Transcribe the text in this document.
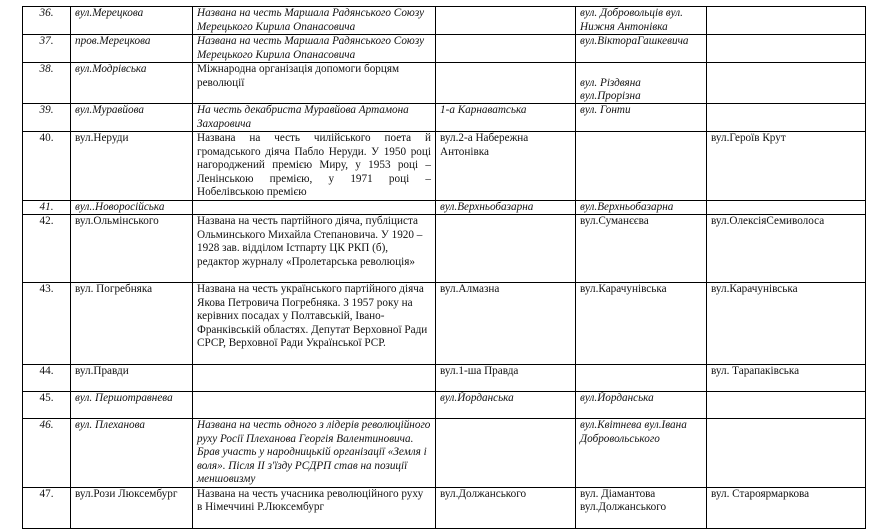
36.	вул.Мерецкова	Названа на честь Маршала Радянського Союзу Мерецького Кирила Опанасовича		вул. Добровольців вул. Нижня Антонівка	
37.	пров.Мерецкова	Названа на честь Маршала Радянського Союзу Мерецького Кирила Опанасовича		вул.ВіктораГашкевича	
38.	вул.Модрівська	Міжнародна організація допомоги борцям революції		вул. Різдвяна вул.Прорізна	
39.	вул.Муравйова	На честь декабриста Муравйова Артамона Захаровича	1-а Карнаватська	вул. Гонти	
40.	вул.Неруди	Названа на честь чилійського поета й громадського діяча Пабло Неруди. У 1950 році нагороджений премією Миру, у 1953 році – Ленінською премією, у 1971 році – Нобелівською премією	вул.2-а Набережна Антонівка		вул.Героїв Крут
41.	вул..Новоросійська		вул.Верхньобазарна	вул.Верхньобазарна	
42.	вул.Ольмінського	Названа на честь партійного діяча, публіциста Ольминського Михайла Степановича. У 1920 – 1928 зав. відділом Істпарту ЦК РКП (б), редактор журналу «Пролетарська революція»		вул.Суманєєва	вул.ОлексіяСемиволоса
43.	вул. Погребняка	Названа на честь українського партійного діяча Якова Петровича Погребняка. З 1957 року на керівних посадах у Полтавській, Івано-Франківській областях. Депутат Верховної Ради СРСР, Верховної Ради Української РСР.	вул.Алмазна	вул.Карачунівська	вул.Карачунівська
44.	вул.Правди		вул.1-ша Правда		вул. Тарапаківська
45.	вул. Першотравнева		вул.Йорданська	вул.Йорданська	
46.	вул. Плеханова	Названа на честь одного з лідерів революційного руху Росії Плеханова Георгія Валентиновича. Брав участь у народницькій організації «Земля і воля». Після ІІ з'їзду РСДРП став на позиції меншовизму		вул.Квітнева вул.Івана Добровольського	
47.	вул.Рози Люксембург	Названа на честь учасника революційного руху в Німеччині Р.Люксембург	вул.Должанського	вул. Діамантова вул.Должанського	вул. Староярмаркова
